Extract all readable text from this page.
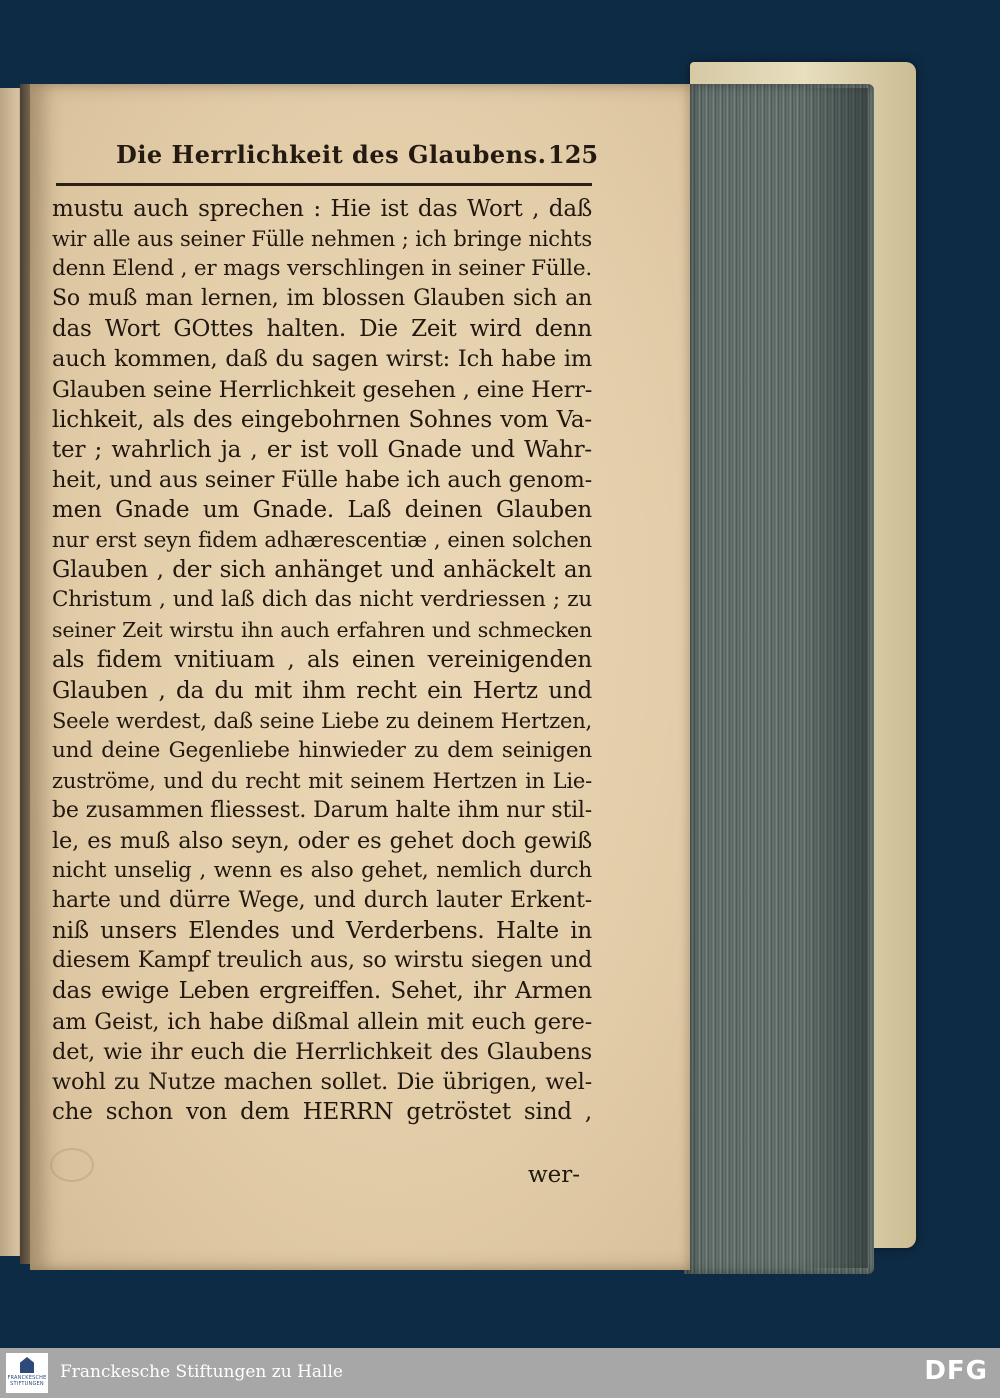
Die Herrlichkeit des Glaubens. 125
mustu auch sprechen : Hie ist das Wort , daß
wir alle aus seiner Fülle nehmen ; ich bringe nichts
denn Elend , er mags verschlingen in seiner Fülle.
So muß man lernen, im blossen Glauben sich an
das Wort GOttes halten. Die Zeit wird denn
auch kommen, daß du sagen wirst: Ich habe im
Glauben seine Herrlichkeit gesehen , eine Herr-
lichkeit, als des eingebohrnen Sohnes vom Va-
ter ; wahrlich ja , er ist voll Gnade und Wahr-
heit, und aus seiner Fülle habe ich auch genom-
men Gnade um Gnade. Laß deinen Glauben
nur erst seyn fidem adhærescentiæ , einen solchen
Glauben , der sich anhänget und anhäckelt an
Christum , und laß dich das nicht verdriessen ; zu
seiner Zeit wirstu ihn auch erfahren und schmecken
als fidem vnitiuam , als einen vereinigenden
Glauben , da du mit ihm recht ein Hertz und
Seele werdest, daß seine Liebe zu deinem Hertzen,
und deine Gegenliebe hinwieder zu dem seinigen
zuströme, und du recht mit seinem Hertzen in Lie-
be zusammen fliessest. Darum halte ihm nur stil-
le, es muß also seyn, oder es gehet doch gewiß
nicht unselig , wenn es also gehet, nemlich durch
harte und dürre Wege, und durch lauter Erkent-
niß unsers Elendes und Verderbens. Halte in
diesem Kampf treulich aus, so wirstu siegen und
das ewige Leben ergreiffen. Sehet, ihr Armen
am Geist, ich habe dißmal allein mit euch gere-
det, wie ihr euch die Herrlichkeit des Glaubens
wohl zu Nutze machen sollet. Die übrigen, wel-
che schon von dem HERRN getröstet sind ,
wer-
FRANCKESCHE STIFTUNGEN
Franckesche Stiftungen zu Halle	DFG
